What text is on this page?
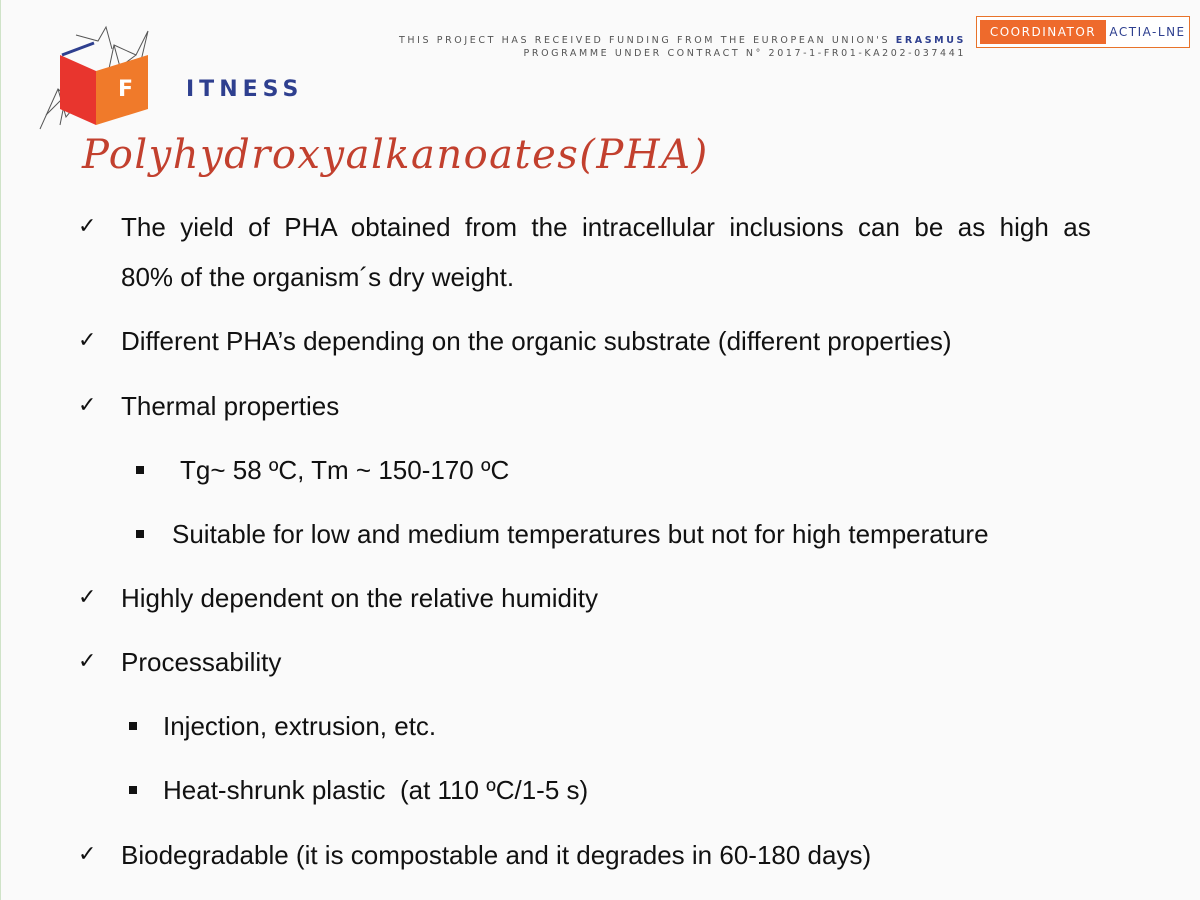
F ITNESS
THIS PROJECT HAS RECEIVED FUNDING FROM THE EUROPEAN UNION'S ERASMUS
PROGRAMME UNDER CONTRACT N° 2017-1-FR01-KA202-037441
COORDINATOR	ACTIA-LNE
Polyhydroxyalkanoates(PHA)
✓ The  yield  of  PHA  obtained  from  the  intracellular  inclusions  can  be  as  high  as
80% of the organism´s dry weight.
✓ Different PHA’s depending on the organic substrate (different properties)
✓ Thermal properties
Tg~ 58 ºC, Tm ~ 150-170 ºC
Suitable for low and medium temperatures but not for high temperature
✓ Highly dependent on the relative humidity
✓ Processability
Injection, extrusion, etc.
Heat-shrunk plastic  (at 110 ºC/1-5 s)
✓ Biodegradable (it is compostable and it degrades in 60-180 days)
